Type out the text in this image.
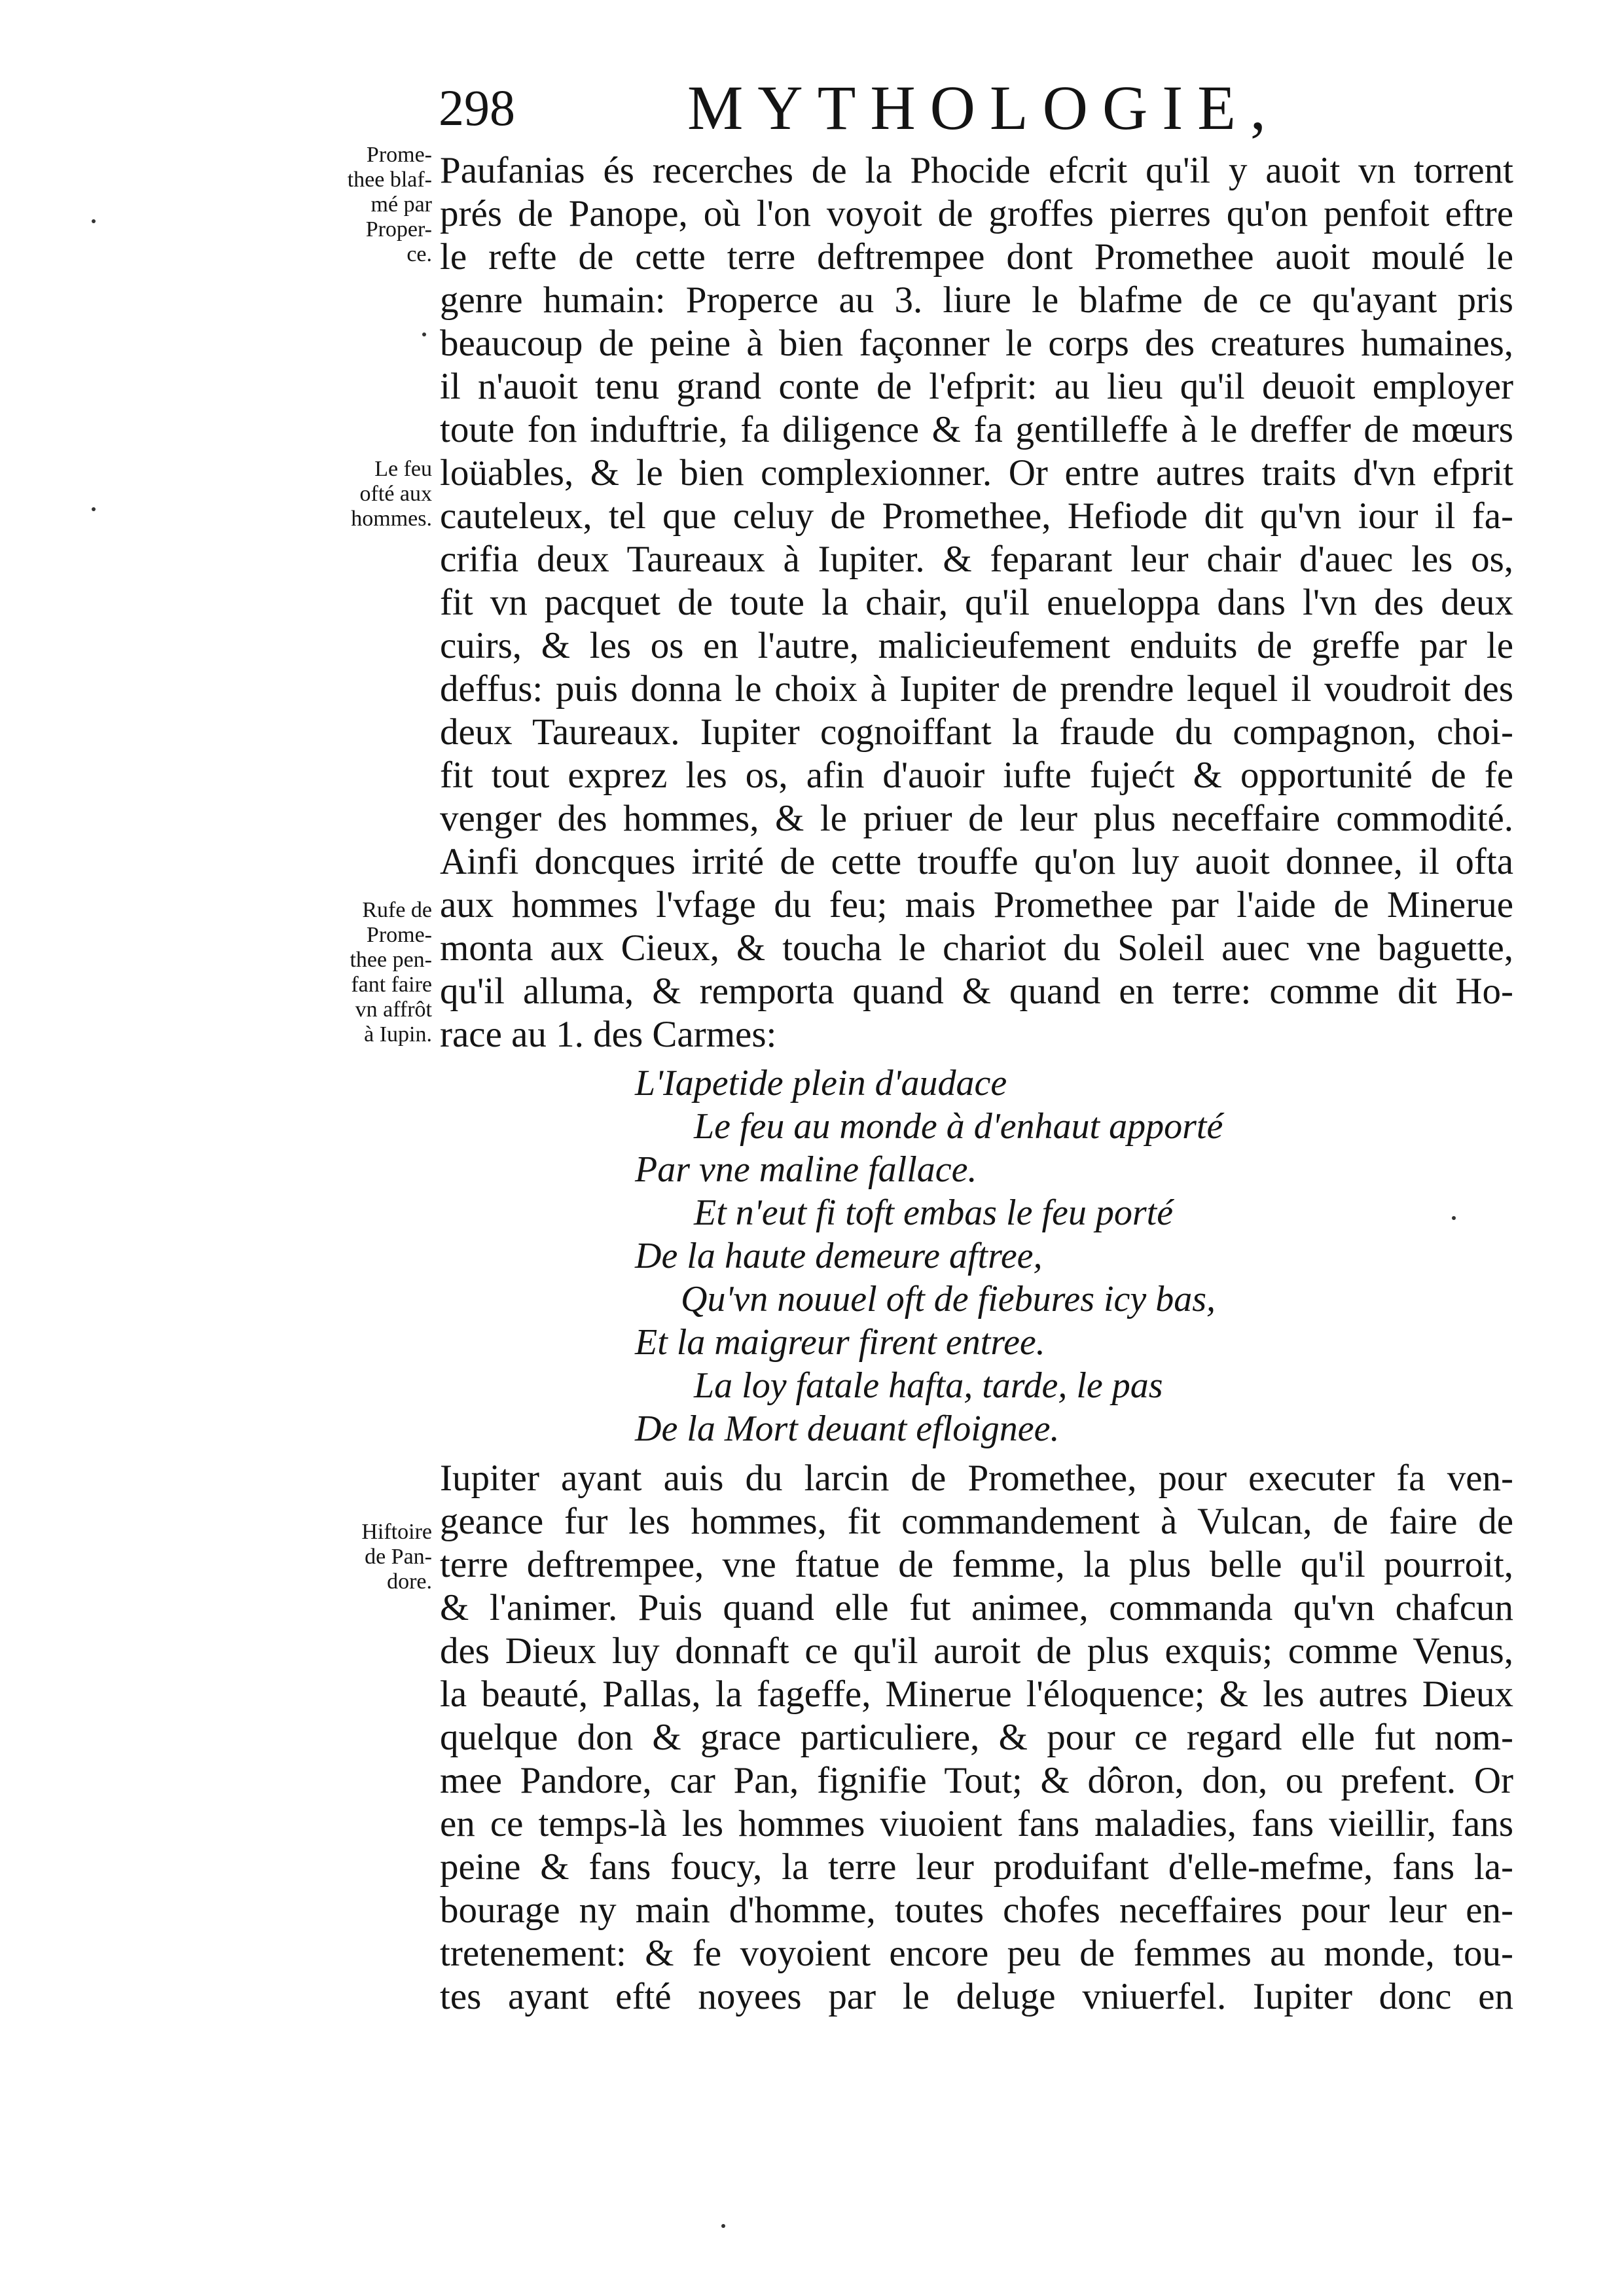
298	MYTHOLOGIE,
Prome-
thee blaf-
mé par
Proper-
ce.
Le feu
ofté aux
hommes.
Rufe de
Prome-
thee pen-
fant faire
vn affrôt
à Iupin.
Hiftoire
de Pan-
dore.
Paufanias és recerches de la Phocide efcrit qu'il y auoit vn torrent
prés de Panope, où l'on voyoit de groffes pierres qu'on penfoit eftre
le refte de cette terre deftrempee dont Promethee auoit moulé le
genre humain: Properce au 3. liure le blafme de ce qu'ayant pris
beaucoup de peine à bien façonner le corps des creatures humaines,
il n'auoit tenu grand conte de l'efprit: au lieu qu'il deuoit employer
toute fon induftrie, fa diligence & fa gentilleffe à le dreffer de mœurs
loüables, & le bien complexionner. Or entre autres traits d'vn efprit
cauteleux, tel que celuy de Promethee, Hefiode dit qu'vn iour il fa-
crifia deux Taureaux à Iupiter. & feparant leur chair d'auec les os,
fit vn pacquet de toute la chair, qu'il enueloppa dans l'vn des deux
cuirs, & les os en l'autre, malicieufement enduits de greffe par le
deffus: puis donna le choix à Iupiter de prendre lequel il voudroit des
deux Taureaux. Iupiter cognoiffant la fraude du compagnon, choi-
fit tout exprez les os, afin d'auoir iufte fujećt & opportunité de fe
venger des hommes, & le priuer de leur plus neceffaire commodité.
Ainfi doncques irrité de cette trouffe qu'on luy auoit donnee, il ofta
aux hommes l'vfage du feu; mais Promethee par l'aide de Minerue
monta aux Cieux, & toucha le chariot du Soleil auec vne baguette,
qu'il alluma, & remporta quand & quand en terre: comme dit Ho-
race au 1. des Carmes:
L'Iapetide plein d'audace
Le feu au monde à d'enhaut apporté
Par vne maline fallace.
Et n'eut fi toft embas le feu porté
De la haute demeure aftree,
Qu'vn nouuel oft de fiebures icy bas,
Et la maigreur firent entree.
La loy fatale hafta, tarde, le pas
De la Mort deuant efloignee.
Iupiter ayant auis du larcin de Promethee, pour executer fa ven-
geance fur les hommes, fit commandement à Vulcan, de faire de
terre deftrempee, vne ftatue de femme, la plus belle qu'il pourroit,
& l'animer. Puis quand elle fut animee, commanda qu'vn chafcun
des Dieux luy donnaft ce qu'il auroit de plus exquis; comme Venus,
la beauté, Pallas, la fageffe, Minerue l'éloquence; & les autres Dieux
quelque don & grace particuliere, & pour ce regard elle fut nom-
mee Pandore, car Pan, fignifie Tout; & dôron, don, ou prefent. Or
en ce temps-là les hommes viuoient fans maladies, fans vieillir, fans
peine & fans foucy, la terre leur produifant d'elle-mefme, fans la-
bourage ny main d'homme, toutes chofes neceffaires pour leur en-
tretenement: & fe voyoient encore peu de femmes au monde, tou-
tes ayant efté noyees par le deluge vniuerfel. Iupiter donc en
